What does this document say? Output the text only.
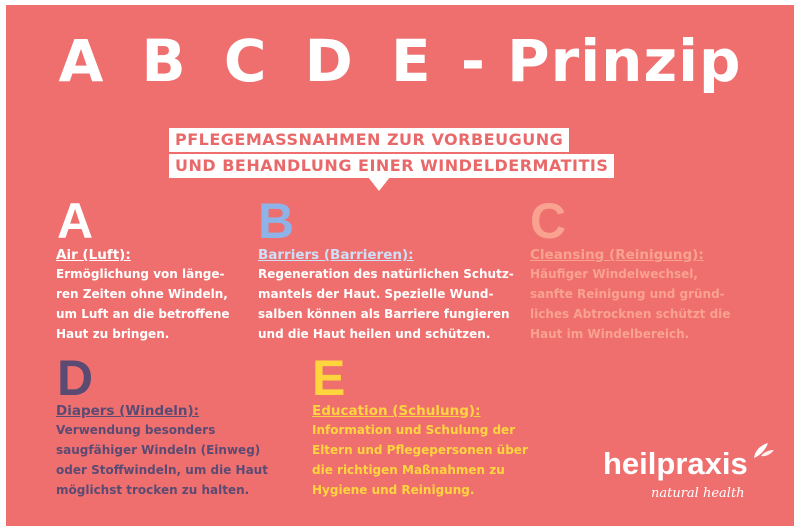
A B C D E - Prinzip
PFLEGEMASSNAHMEN ZUR VORBEUGUNG
UND BEHANDLUNG EINER WINDELDERMATITIS
A
Air (Luft):
Ermöglichung von länge-
ren Zeiten ohne Windeln,
um Luft an die betroffene
Haut zu bringen.
B
Barriers (Barrieren):
Regeneration des natürlichen Schutz-
mantels der Haut. Spezielle Wund-
salben können als Barriere fungieren
und die Haut heilen und schützen.
C
Cleansing (Reinigung):
Häufiger Windelwechsel,
sanfte Reinigung und gründ-
liches Abtrocknen schützt die
Haut im Windelbereich.
D
Diapers (Windeln):
Verwendung besonders
saugfähiger Windeln (Einweg)
oder Stoffwindeln, um die Haut
möglichst trocken zu halten.
E
Education (Schulung):
Information und Schulung der
Eltern und Pflegepersonen über
die richtigen Maßnahmen zu
Hygiene und Reinigung.
heilpraxis
natural health
